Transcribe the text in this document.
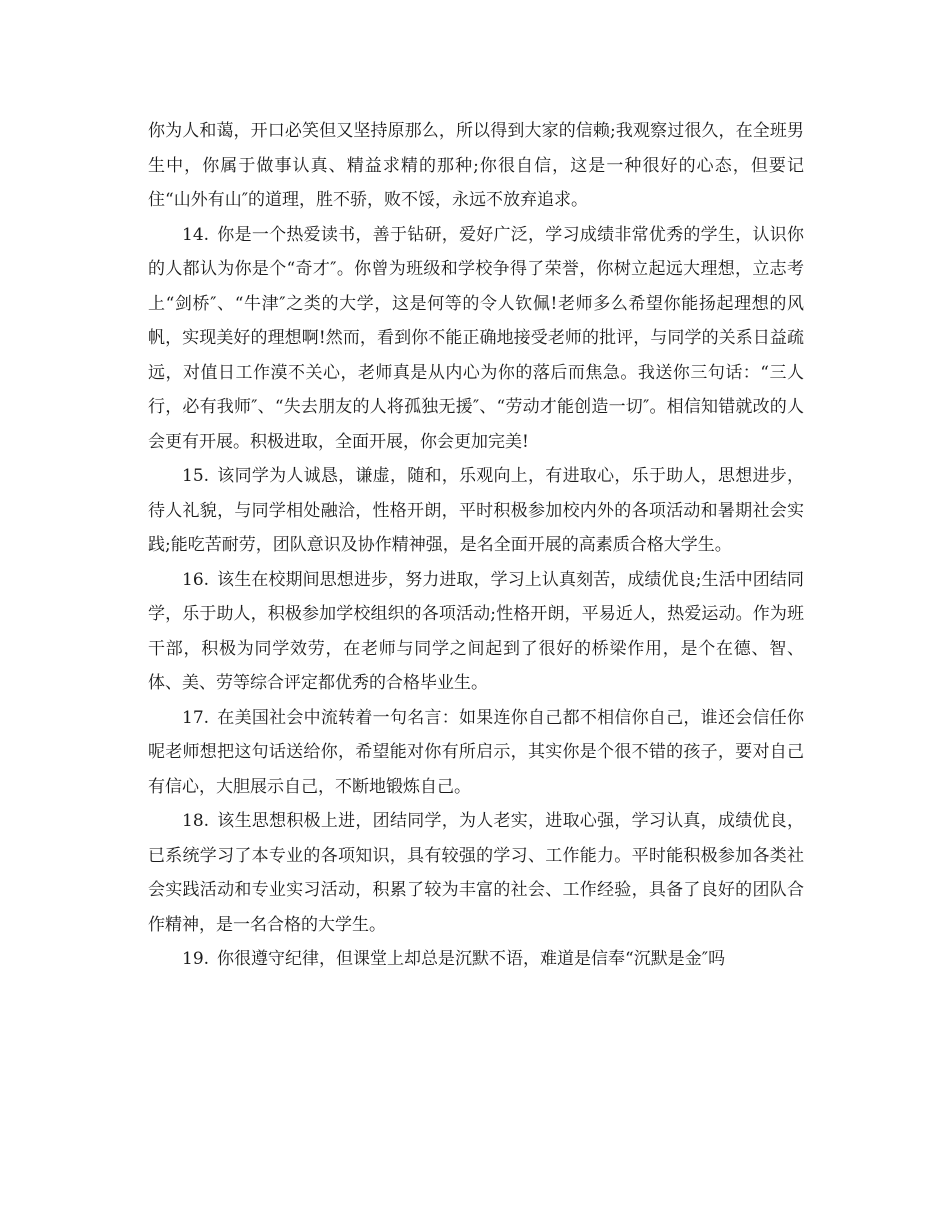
你为人和蔼，开口必笑但又坚持原那么，所以得到大家的信赖;我观察过很久，在全班男生中，你属于做事认真、精益求精的那种;你很自信，这是一种很好的心态，但要记住“山外有山″的道理，胜不骄，败不馁，永远不放弃追求。

14. 你是一个热爱读书，善于钻研，爱好广泛，学习成绩非常优秀的学生，认识你的人都认为你是个“奇才″。你曾为班级和学校争得了荣誉，你树立起远大理想，立志考上“剑桥″、“牛津″之类的大学，这是何等的令人钦佩!老师多么希望你能扬起理想的风帆，实现美好的理想啊!然而，看到你不能正确地接受老师的批评，与同学的关系日益疏远，对值日工作漠不关心，老师真是从内心为你的落后而焦急。我送你三句话：“三人行，必有我师″、“失去朋友的人将孤独无援″、“劳动才能创造一切″。相信知错就改的人会更有开展。积极进取，全面开展，你会更加完美!

15. 该同学为人诚恳，谦虚，随和，乐观向上，有进取心，乐于助人，思想进步，待人礼貌，与同学相处融洽，性格开朗，平时积极参加校内外的各项活动和暑期社会实践;能吃苦耐劳，团队意识及协作精神强，是名全面开展的高素质合格大学生。

16. 该生在校期间思想进步，努力进取，学习上认真刻苦，成绩优良;生活中团结同学，乐于助人，积极参加学校组织的各项活动;性格开朗，平易近人，热爱运动。作为班干部，积极为同学效劳，在老师与同学之间起到了很好的桥梁作用，是个在德、智、体、美、劳等综合评定都优秀的合格毕业生。

17. 在美国社会中流转着一句名言：如果连你自己都不相信你自己，谁还会信任你呢老师想把这句话送给你，希望能对你有所启示，其实你是个很不错的孩子，要对自己有信心，大胆展示自己，不断地锻炼自己。

18. 该生思想积极上进，团结同学，为人老实，进取心强，学习认真，成绩优良，已系统学习了本专业的各项知识，具有较强的学习、工作能力。平时能积极参加各类社会实践活动和专业实习活动，积累了较为丰富的社会、工作经验，具备了良好的团队合作精神，是一名合格的大学生。

19. 你很遵守纪律，但课堂上却总是沉默不语，难道是信奉“沉默是金″吗
